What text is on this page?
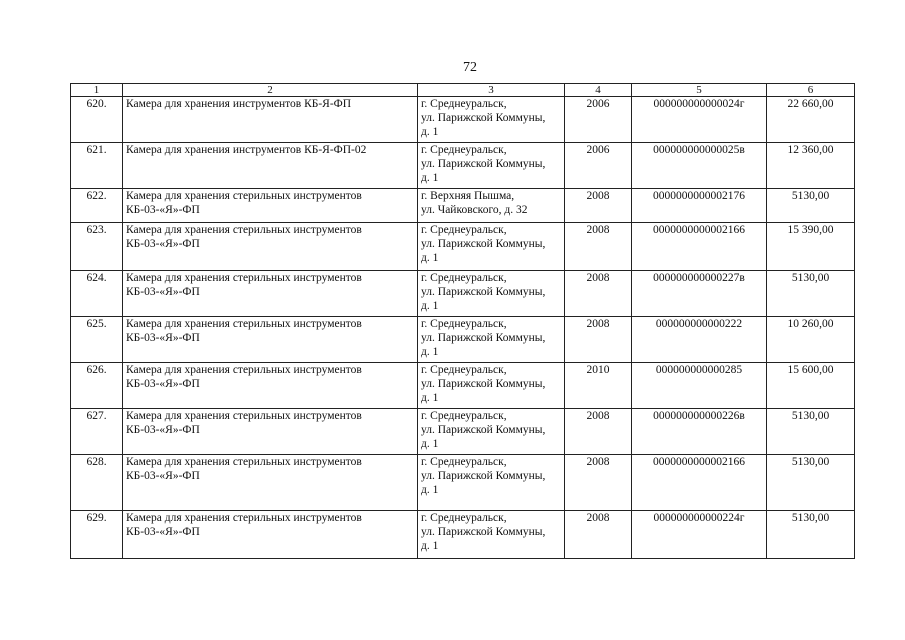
72
1	2	3	4	5	6
620.	Камера для хранения инструментов КБ-Я-ФП	г. Среднеуральск,
ул. Парижской Коммуны,
д. 1	2006	000000000000024г	22 660,00
621.	Камера для хранения инструментов КБ-Я-ФП-02	г. Среднеуральск,
ул. Парижской Коммуны,
д. 1	2006	000000000000025в	12 360,00
622.	Камера для хранения стерильных инструментов
КБ-03-«Я»-ФП	г. Верхняя Пышма,
ул. Чайковского, д. 32	2008	0000000000002176	5130,00
623.	Камера для хранения стерильных инструментов
КБ-03-«Я»-ФП	г. Среднеуральск,
ул. Парижской Коммуны,
д. 1	2008	0000000000002166	15 390,00
624.	Камера для хранения стерильных инструментов
КБ-03-«Я»-ФП	г. Среднеуральск,
ул. Парижской Коммуны,
д. 1	2008	000000000000227в	5130,00
625.	Камера для хранения стерильных инструментов
КБ-03-«Я»-ФП	г. Среднеуральск,
ул. Парижской Коммуны,
д. 1	2008	000000000000222	10 260,00
626.	Камера для хранения стерильных инструментов
КБ-03-«Я»-ФП	г. Среднеуральск,
ул. Парижской Коммуны,
д. 1	2010	000000000000285	15 600,00
627.	Камера для хранения стерильных инструментов
КБ-03-«Я»-ФП	г. Среднеуральск,
ул. Парижской Коммуны,
д. 1	2008	000000000000226в	5130,00
628.	Камера для хранения стерильных инструментов
КБ-03-«Я»-ФП	г. Среднеуральск,
ул. Парижской Коммуны,
д. 1	2008	0000000000002166	5130,00
629.	Камера для хранения стерильных инструментов
КБ-03-«Я»-ФП	г. Среднеуральск,
ул. Парижской Коммуны,
д. 1	2008	000000000000224г	5130,00
